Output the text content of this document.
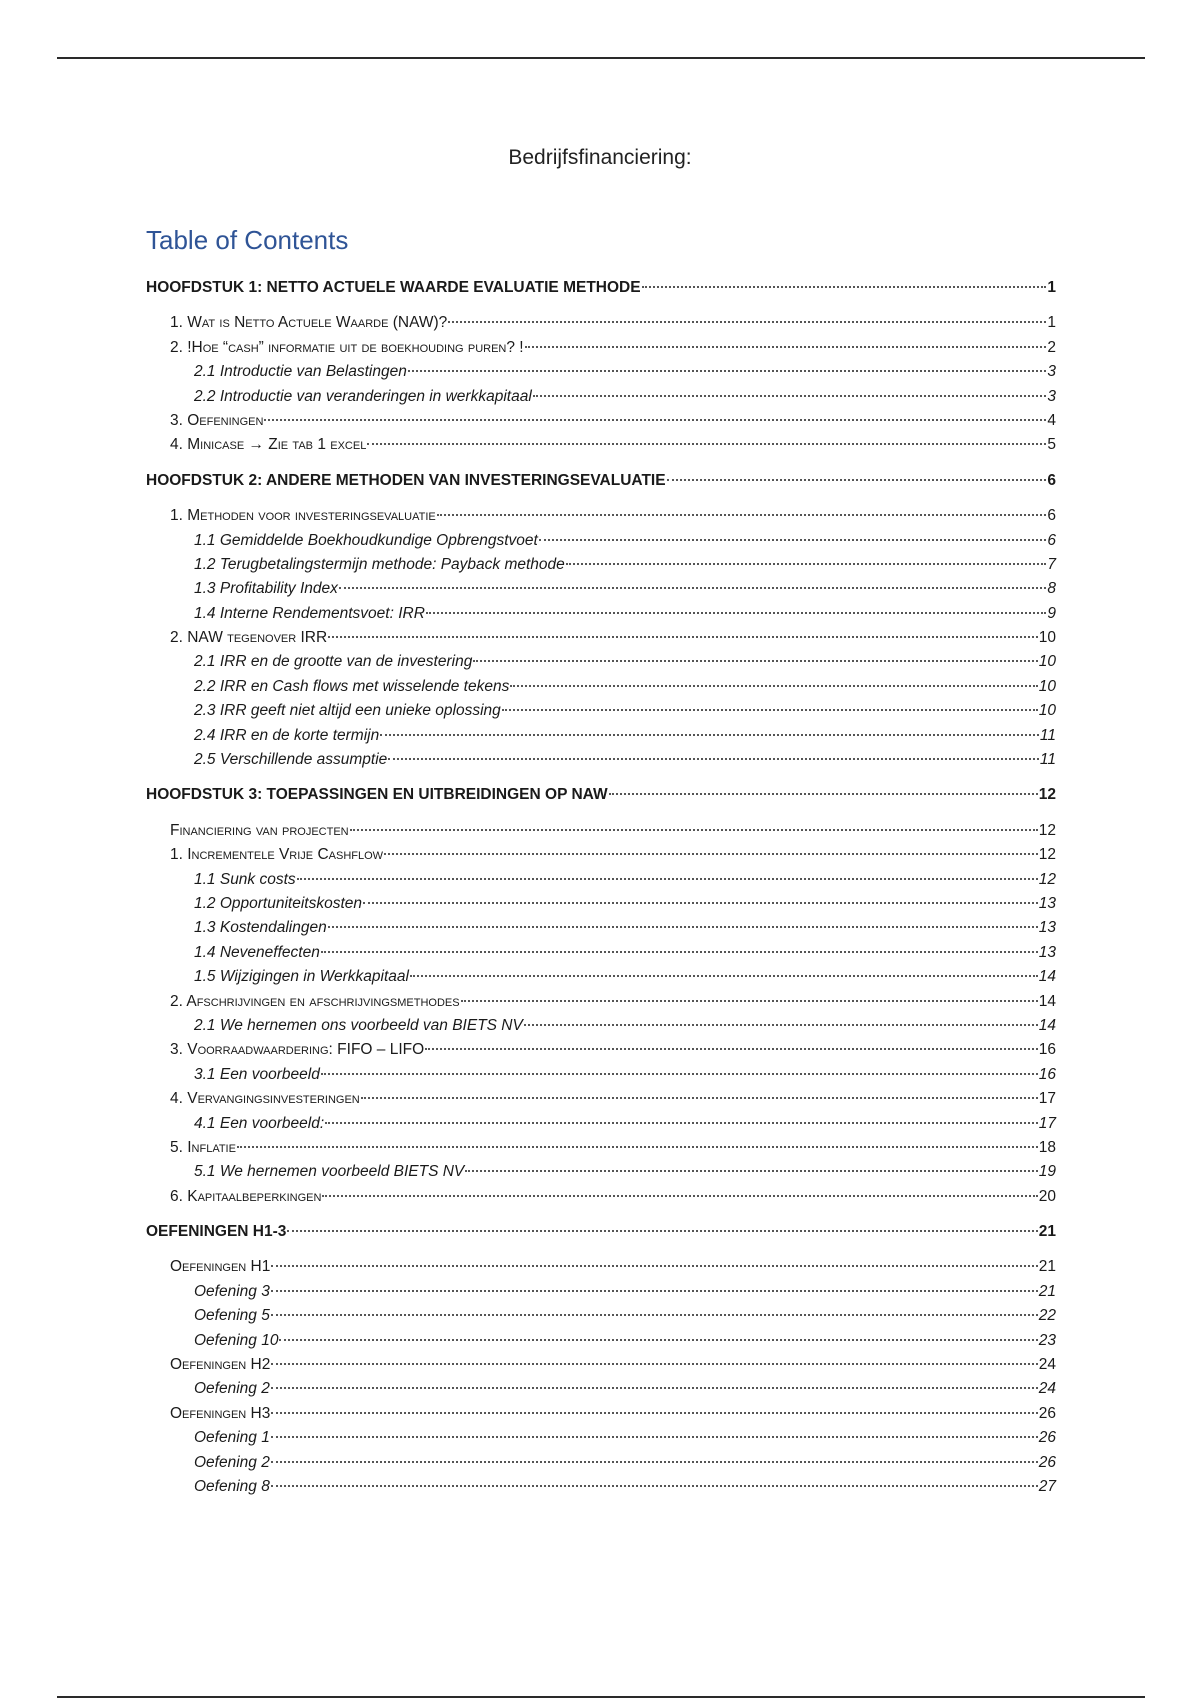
Bedrijfsfinanciering:
Table of Contents
HOOFDSTUK 1: NETTO ACTUELE WAARDE EVALUATIE METHODE	1
1. Wat is Netto Actuele Waarde (NAW)?	1
2. !Hoe “cash” informatie uit de boekhouding puren? !	2
2.1 Introductie van Belastingen	3
2.2 Introductie van veranderingen in werkkapitaal	3
3. Oefeningen	4
4. Minicase → Zie tab 1 excel	5
HOOFDSTUK 2: ANDERE METHODEN VAN INVESTERINGSEVALUATIE	6
1. Methoden voor investeringsevaluatie	6
1.1 Gemiddelde Boekhoudkundige Opbrengstvoet	6
1.2 Terugbetalingstermijn methode: Payback methode	7
1.3 Profitability Index	8
1.4 Interne Rendementsvoet: IRR	9
2. NAW tegenover IRR	10
2.1 IRR en de grootte van de investering	10
2.2 IRR en Cash flows met wisselende tekens	10
2.3 IRR geeft niet altijd een unieke oplossing	10
2.4 IRR en de korte termijn	11
2.5 Verschillende assumptie	11
HOOFDSTUK 3: TOEPASSINGEN EN UITBREIDINGEN OP NAW	12
Financiering van projecten	12
1. Incrementele Vrije Cashflow	12
1.1 Sunk costs	12
1.2 Opportuniteitskosten	13
1.3 Kostendalingen	13
1.4 Neveneffecten	13
1.5 Wijzigingen in Werkkapitaal	14
2. Afschrijvingen en afschrijvingsmethodes	14
2.1 We hernemen ons voorbeeld van BIETS NV	14
3. Voorraadwaardering: FIFO – LIFO	16
3.1 Een voorbeeld	16
4. Vervangingsinvesteringen	17
4.1 Een voorbeeld:	17
5. Inflatie	18
5.1 We hernemen voorbeeld BIETS NV	19
6. Kapitaalbeperkingen	20
OEFENINGEN H1-3	21
Oefeningen H1	21
Oefening 3	21
Oefening 5	22
Oefening 10	23
Oefeningen H2	24
Oefening 2	24
Oefeningen H3	26
Oefening 1	26
Oefening 2	26
Oefening 8	27
